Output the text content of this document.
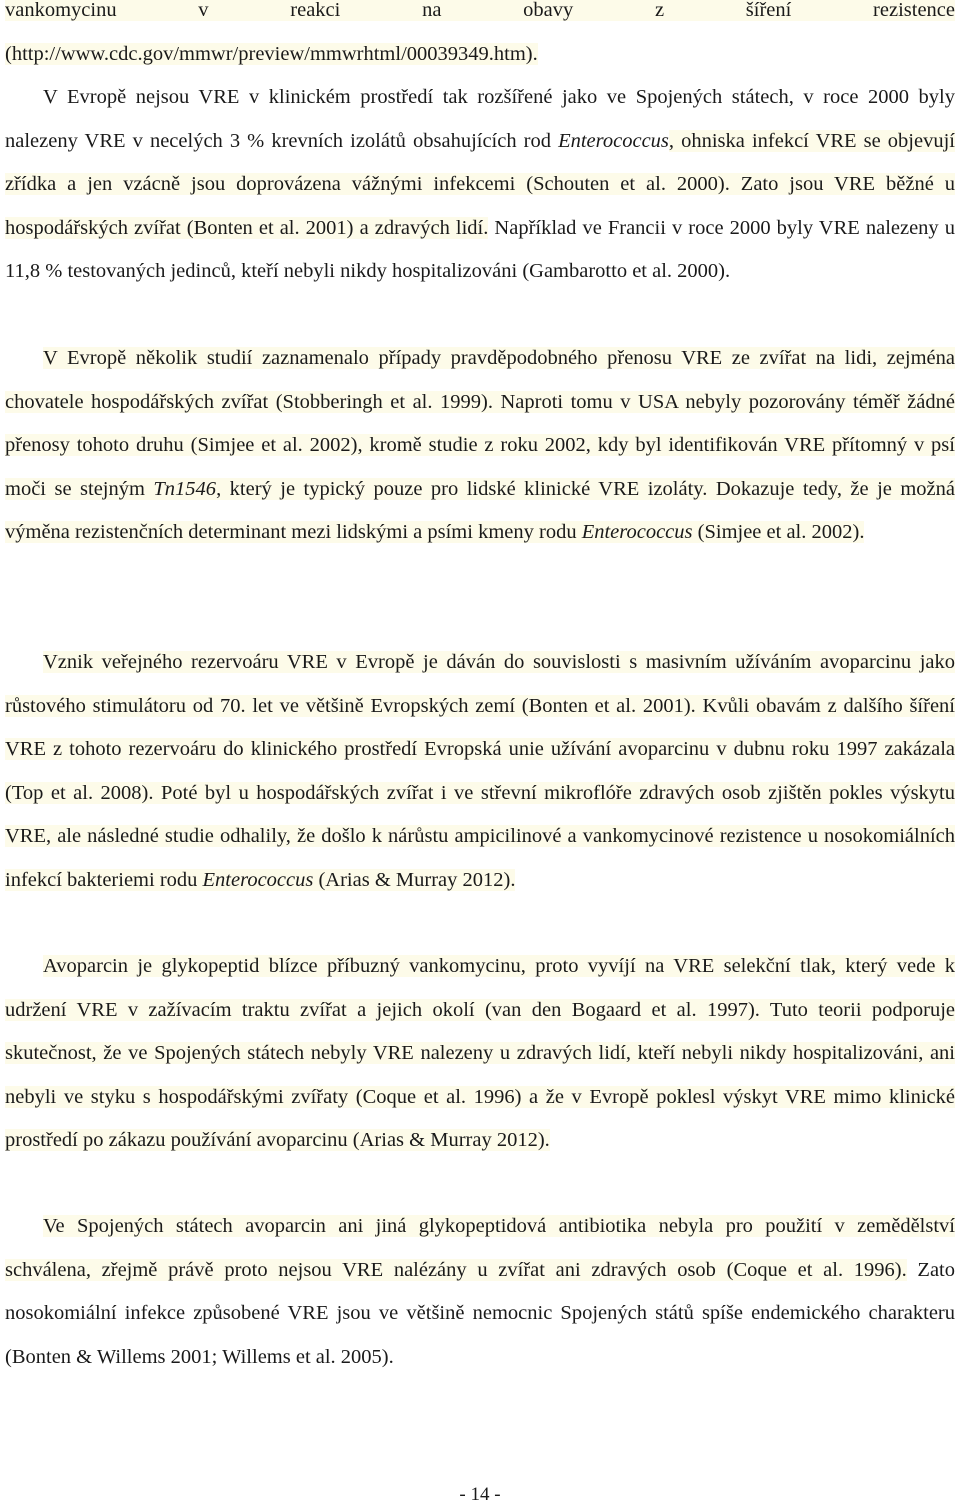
vankomycinu v reakci na obavy z šíření rezistence (http://www.cdc.gov/mmwr/preview/mmwrhtml/00039349.htm).
V Evropě nejsou VRE v klinickém prostředí tak rozšířené jako ve Spojených státech, v roce 2000 byly nalezeny VRE v necelých 3 % krevních izolátů obsahujících rod Enterococcus, ohniska infekcí VRE se objevují zřídka a jen vzácně jsou doprovázena vážnými infekcemi (Schouten et al. 2000). Zato jsou VRE běžné u hospodářských zvířat (Bonten et al. 2001) a zdravých lidí. Například ve Francii v roce 2000 byly VRE nalezeny u 11,8 % testovaných jedinců, kteří nebyli nikdy hospitalizováni (Gambarotto et al. 2000).
V Evropě několik studií zaznamenalo případy pravděpodobného přenosu VRE ze zvířat na lidi, zejména chovatele hospodářských zvířat (Stobberingh et al. 1999). Naproti tomu v USA nebyly pozorovány téměř žádné přenosy tohoto druhu (Simjee et al. 2002), kromě studie z roku 2002, kdy byl identifikován VRE přítomný v psí moči se stejným Tn1546, který je typický pouze pro lidské klinické VRE izoláty. Dokazuje tedy, že je možná výměna rezistenčních determinant mezi lidskými a psími kmeny rodu Enterococcus (Simjee et al. 2002).
Vznik veřejného rezervoáru VRE v Evropě je dáván do souvislosti s masivním užíváním avoparcinu jako růstového stimulátoru od 70. let ve většině Evropských zemí (Bonten et al. 2001). Kvůli obavám z dalšího šíření VRE z tohoto rezervoáru do klinického prostředí Evropská unie užívání avoparcinu v dubnu roku 1997 zakázala (Top et al. 2008). Poté byl u hospodářských zvířat i ve střevní mikroflóře zdravých osob zjištěn pokles výskytu VRE, ale následné studie odhalily, že došlo k nárůstu ampicilinové a vankomycinové rezistence u nosokomiálních infekcí bakteriemi rodu Enterococcus (Arias & Murray 2012).
Avoparcin je glykopeptid blízce příbuzný vankomycinu, proto vyvíjí na VRE selekční tlak, který vede k udržení VRE v zažívacím traktu zvířat a jejich okolí (van den Bogaard et al. 1997). Tuto teorii podporuje skutečnost, že ve Spojených státech nebyly VRE nalezeny u zdravých lidí, kteří nebyli nikdy hospitalizováni, ani nebyli ve styku s hospodářskými zvířaty (Coque et al. 1996) a že v Evropě poklesl výskyt VRE mimo klinické prostředí po zákazu používání avoparcinu (Arias & Murray 2012).
Ve Spojených státech avoparcin ani jiná glykopeptidová antibiotika nebyla pro použití v zemědělství schválena, zřejmě právě proto nejsou VRE nalézány u zvířat ani zdravých osob (Coque et al. 1996). Zato nosokomiální infekce způsobené VRE jsou ve většině nemocnic Spojených států spíše endemického charakteru (Bonten & Willems 2001; Willems et al. 2005).
- 14 -
